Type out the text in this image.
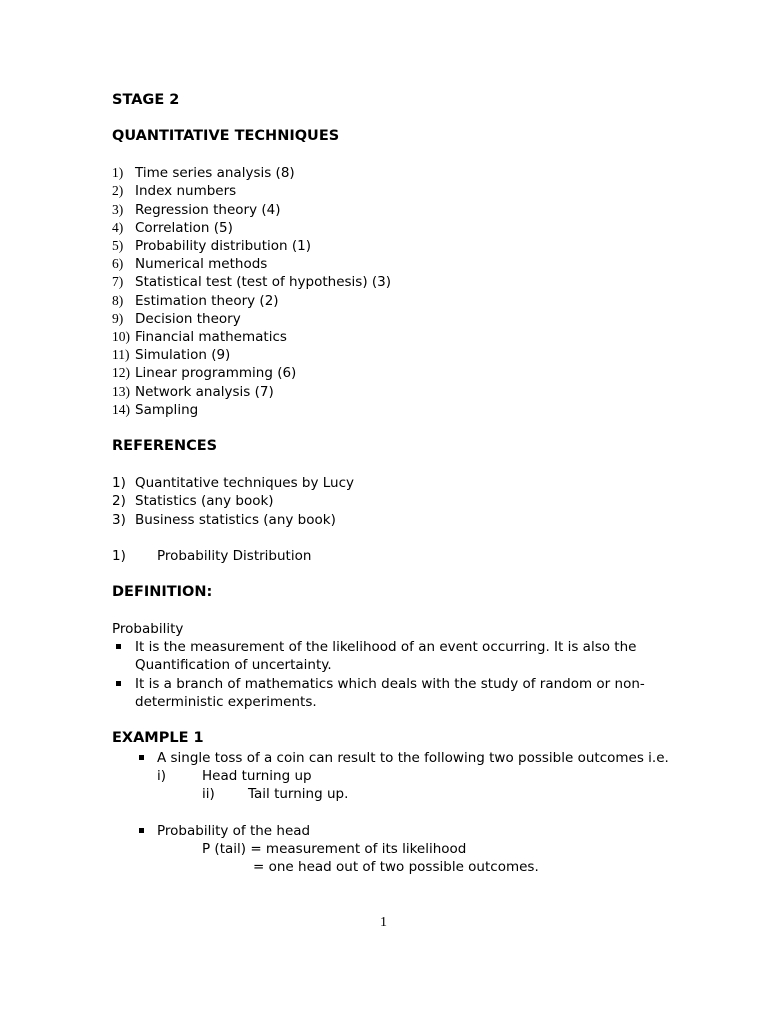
STAGE 2
QUANTITATIVE TECHNIQUES
1) Time series analysis (8)
2) Index numbers
3) Regression theory (4)
4) Correlation (5)
5) Probability distribution (1)
6) Numerical methods
7) Statistical test (test of hypothesis) (3)
8) Estimation theory (2)
9) Decision theory
10) Financial mathematics
11) Simulation (9)
12) Linear programming (6)
13) Network analysis (7)
14) Sampling
REFERENCES
1) Quantitative techniques by Lucy
2) Statistics (any book)
3) Business statistics (any book)
1) Probability Distribution
DEFINITION:
Probability
It is the measurement of the likelihood of an event occurring. It is also the
Quantification of uncertainty.
It is a branch of mathematics which deals with the study of random or non-
deterministic experiments.
EXAMPLE 1
A single toss of a coin can result to the following two possible outcomes i.e.
i)	Head turning up
ii) Tail turning up.
Probability of the head
P (tail) = measurement of its likelihood
= one head out of two possible outcomes.
1
